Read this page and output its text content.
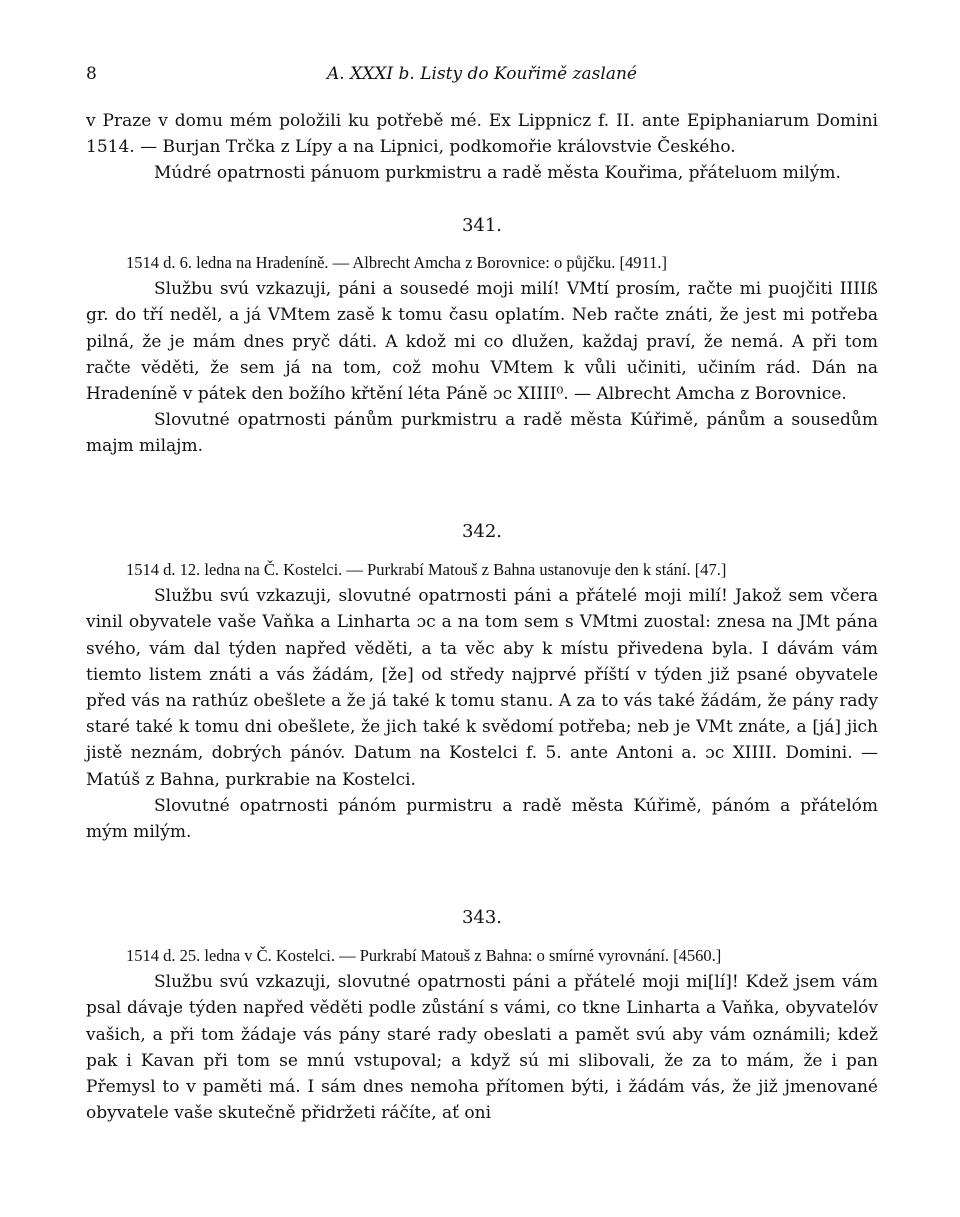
8	A. XXXI b. Listy do Kouřimě zaslané

v Praze v domu mém položili ku potřebě mé. Ex Lippnicz f. II. ante Epiphaniarum Domini 1514. — Burjan Trčka z Lípy a na Lipnici, podkomořie královstvie Českého.

Múdré opatrnosti pánuom purkmistru a radě města Kouřima, přáteluom milým.

341.

1514 d. 6. ledna na Hradeníně. — Albrecht Amcha z Borovnice: o půjčku. [4911.]

Službu svú vzkazuji, páni a sousedé moji milí! VMtí prosím, račte mi puojčiti IIIIß gr. do tří neděl, a já VMtem zasě k tomu času oplatím. Neb račte znáti, že jest mi potřeba pilná, že je mám dnes pryč dáti. A kdož mi co dlužen, každaj praví, že nemá. A při tom račte věděti, že sem já na tom, což mohu VMtem k vůli učiniti, učiním rád. Dán na Hradeníně v pátek den božího křtění léta Páně ɔc XIIII⁰. — Albrecht Amcha z Borovnice.

Slovutné opatrnosti pánům purkmistru a radě města Kúřimě, pánům a sousedům majm milajm.

342.

1514 d. 12. ledna na Č. Kostelci. — Purkrabí Matouš z Bahna ustanovuje den k stání. [47.]

Službu svú vzkazuji, slovutné opatrnosti páni a přátelé moji milí! Jakož sem včera vinil obyvatele vaše Vaňka a Linharta ɔc a na tom sem s VMtmi zuostal: znesa na JMt pána svého, vám dal týden napřed věděti, a ta věc aby k místu přivedena byla. I dávám vám tiemto listem znáti a vás žádám, [že] od středy najprvé příští v týden již psané obyvatele před vás na rathúz obešlete a že já také k tomu stanu. A za to vás také žádám, že pány rady staré také k tomu dni obešlete, že jich také k svědomí potřeba; neb je VMt znáte, a [já] jich jistě neznám, dobrých pánóv. Datum na Kostelci f. 5. ante Antoni a. ɔc XIIII. Domini. — Matúš z Bahna, purkrabie na Kostelci.

Slovutné opatrnosti pánóm purmistru a radě města Kúřimě, pánóm a přátelóm mým milým.

343.

1514 d. 25. ledna v Č. Kostelci. — Purkrabí Matouš z Bahna: o smírné vyrovnání. [4560.]

Službu svú vzkazuji, slovutné opatrnosti páni a přátelé moji mi[lí]! Kdež jsem vám psal dávaje týden napřed věděti podle zůstání s vámi, co tkne Linharta a Vaňka, obyvatelóv vašich, a při tom žádaje vás pány staré rady obeslati a pamět svú aby vám oznámili; kdež pak i Kavan při tom se mnú vstupoval; a když sú mi slibovali, že za to mám, že i pan Přemysl to v paměti má. I sám dnes nemoha přítomen býti, i žádám vás, že již jmenované obyvatele vaše skutečně přidržeti ráčíte, ať oni
